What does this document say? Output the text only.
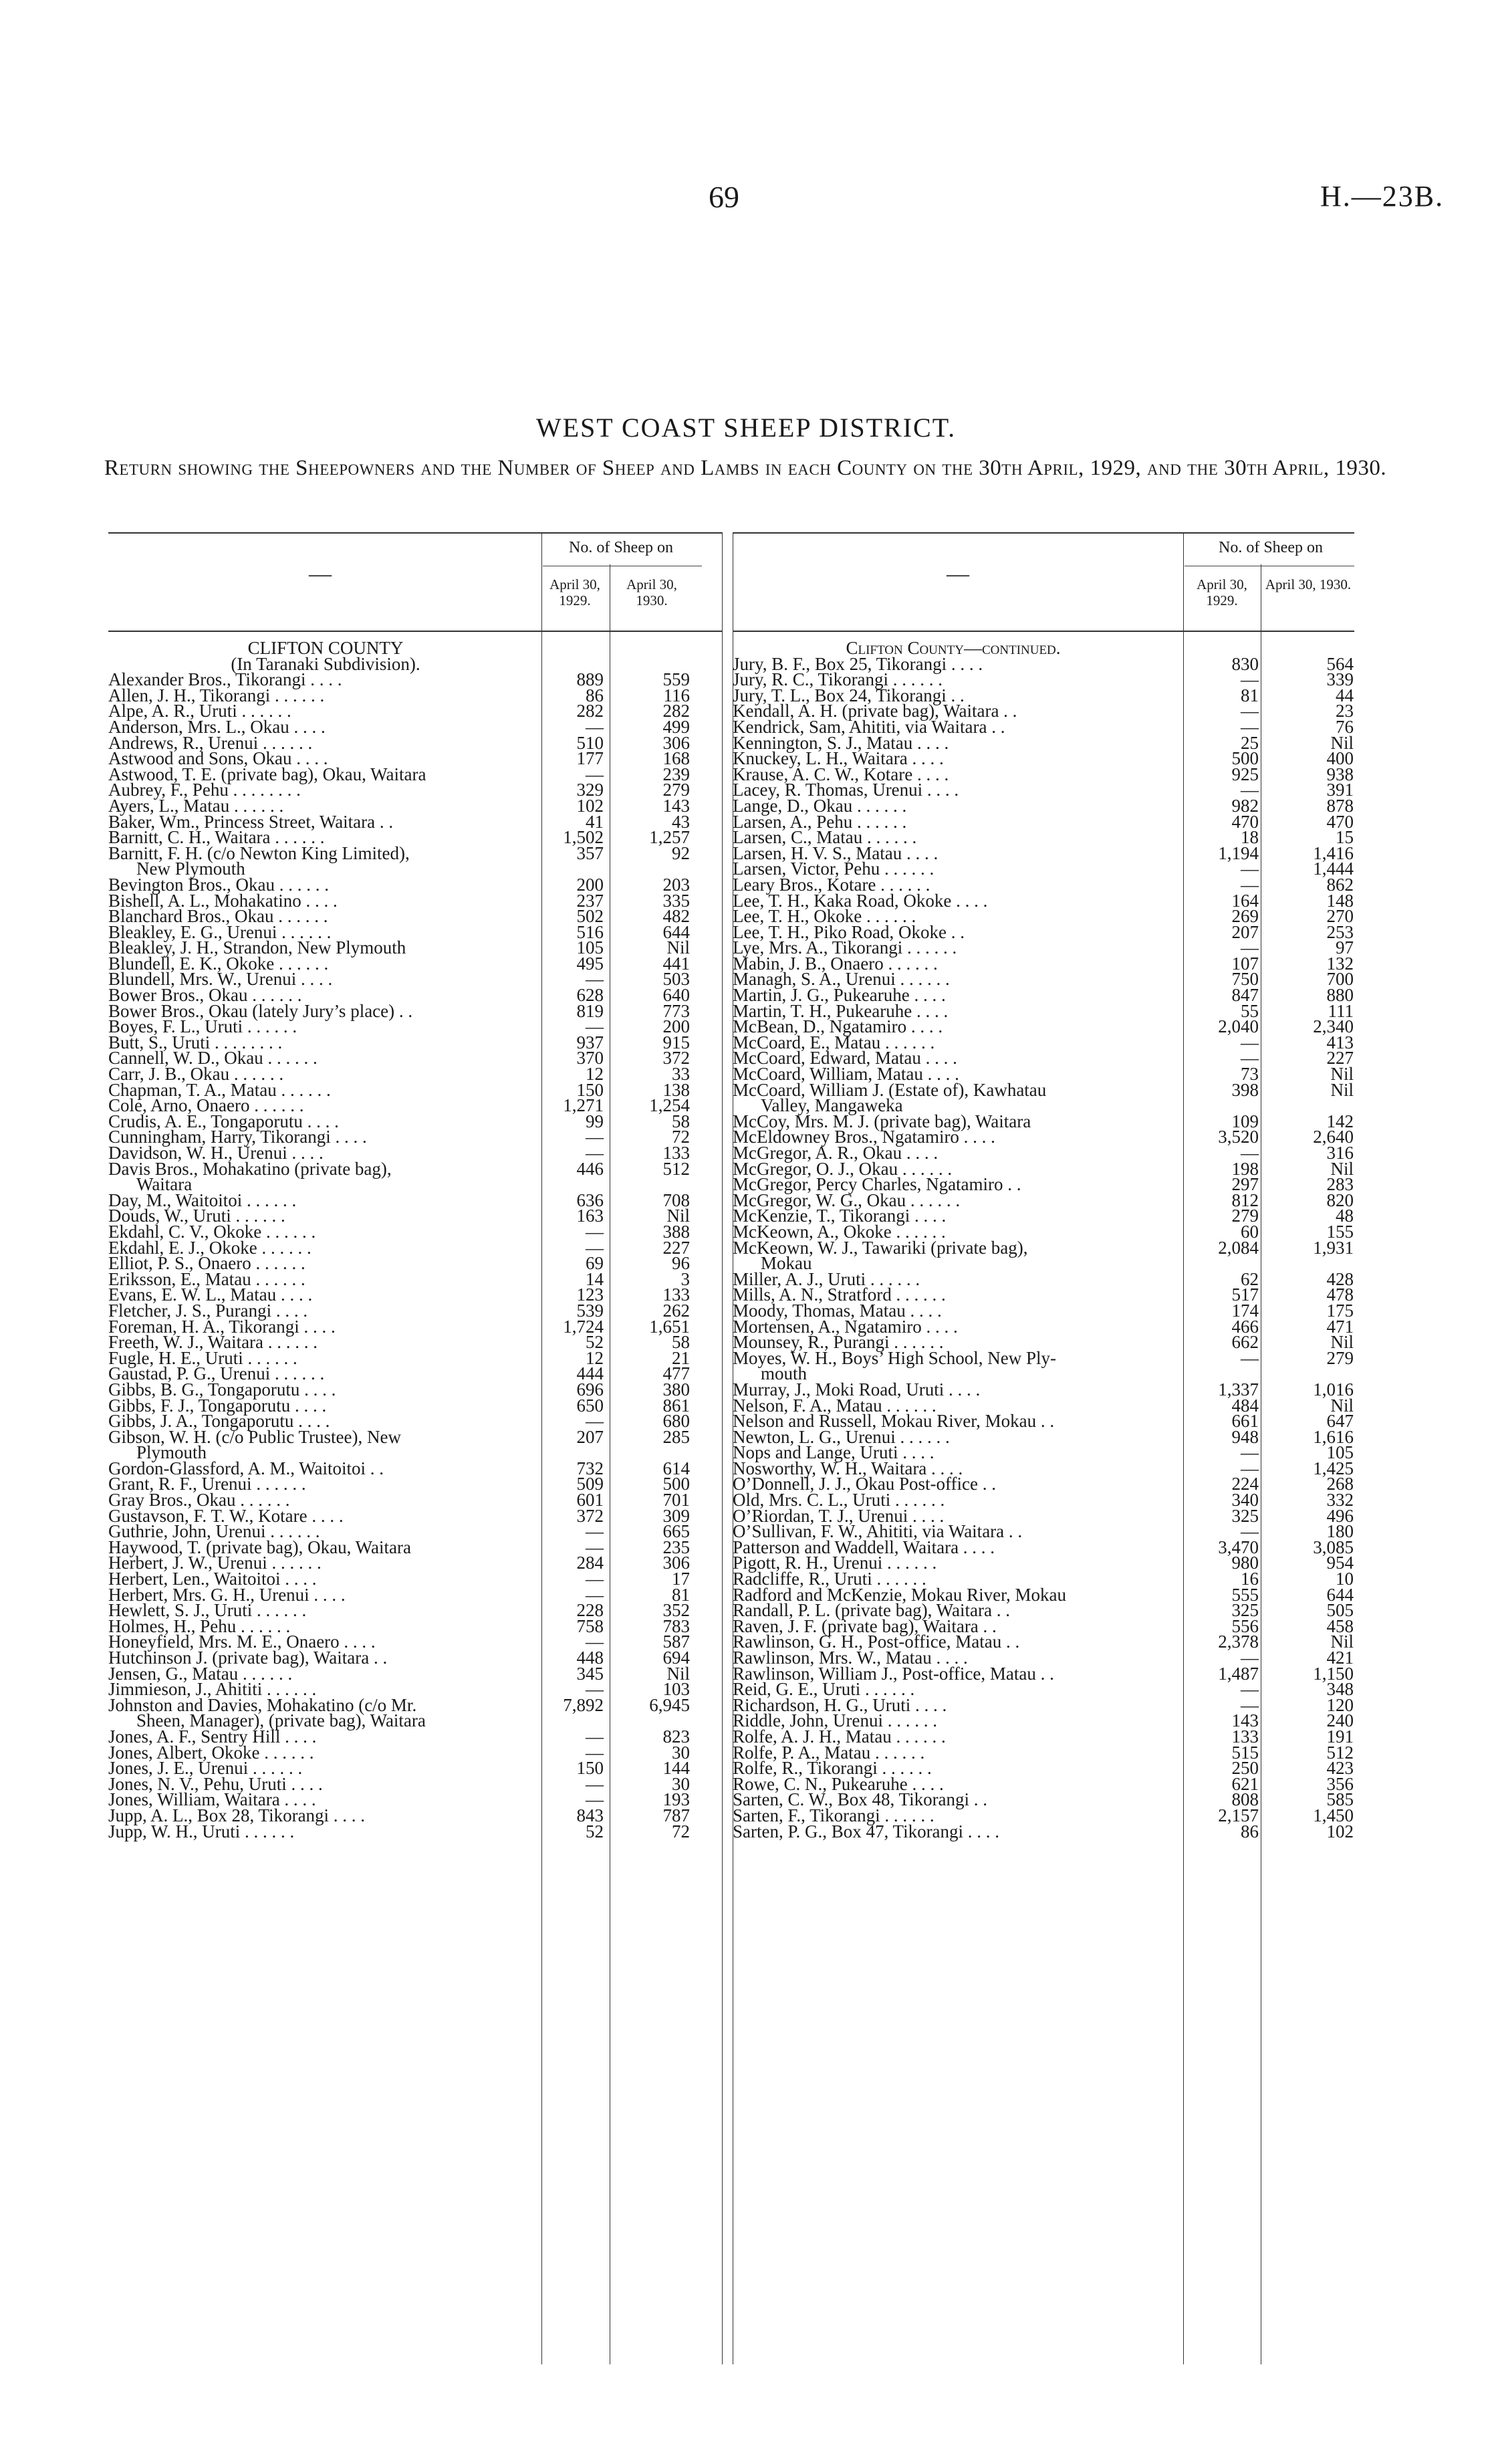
69	H.—23B.
WEST COAST SHEEP DISTRICT.
Return showing the Sheepowners and the Number of Sheep and Lambs in each County on the 30th April, 1929, and the 30th April, 1930.
—
No. of Sheep on
April 30, 1929.
April 30, 1930.
CLIFTON COUNTY
(In Taranaki Subdivision).
Alexander Bros., Tikorangi . . . .	889	559
Allen, J. H., Tikorangi . . . . . .	86	116
Alpe, A. R., Uruti . . . . . .	282	282
Anderson, Mrs. L., Okau . . . .	—	499
Andrews, R., Urenui . . . . . .	510	306
Astwood and Sons, Okau . . . .	177	168
Astwood, T. E. (private bag), Okau, Waitara	—	239
Aubrey, F., Pehu . . . . . . . .	329	279
Ayers, L., Matau . . . . . .	102	143
Baker, Wm., Princess Street, Waitara . .	41	43
Barnitt, C. H., Waitara . . . . . .	1,502	1,257
Barnitt, F. H. (c/o Newton King Limited),	357	92
New Plymouth
Bevington Bros., Okau . . . . . .	200	203
Bishell, A. L., Mohakatino . . . .	237	335
Blanchard Bros., Okau . . . . . .	502	482
Bleakley, E. G., Urenui . . . . . .	516	644
Bleakley, J. H., Strandon, New Plymouth	105	Nil
Blundell, E. K., Okoke . . . . . .	495	441
Blundell, Mrs. W., Urenui . . . .	—	503
Bower Bros., Okau . . . . . .	628	640
Bower Bros., Okau (lately Jury’s place) . .	819	773
Boyes, F. L., Uruti . . . . . .	—	200
Butt, S., Uruti . . . . . . . .	937	915
Cannell, W. D., Okau . . . . . .	370	372
Carr, J. B., Okau . . . . . .	12	33
Chapman, T. A., Matau . . . . . .	150	138
Cole, Arno, Onaero . . . . . .	1,271	1,254
Crudis, A. E., Tongaporutu . . . .	99	58
Cunningham, Harry, Tikorangi . . . .	—	72
Davidson, W. H., Urenui . . . .	—	133
Davis Bros., Mohakatino (private bag),	446	512
Waitara
Day, M., Waitoitoi . . . . . .	636	708
Douds, W., Uruti . . . . . .	163	Nil
Ekdahl, C. V., Okoke . . . . . .	—	388
Ekdahl, E. J., Okoke . . . . . .	—	227
Elliot, P. S., Onaero . . . . . .	69	96
Eriksson, E., Matau . . . . . .	14	3
Evans, E. W. L., Matau . . . .	123	133
Fletcher, J. S., Purangi . . . .	539	262
Foreman, H. A., Tikorangi . . . .	1,724	1,651
Freeth, W. J., Waitara . . . . . .	52	58
Fugle, H. E., Uruti . . . . . .	12	21
Gaustad, P. G., Urenui . . . . . .	444	477
Gibbs, B. G., Tongaporutu . . . .	696	380
Gibbs, F. J., Tongaporutu . . . .	650	861
Gibbs, J. A., Tongaporutu . . . .	—	680
Gibson, W. H. (c/o Public Trustee), New	207	285
Plymouth
Gordon-Glassford, A. M., Waitoitoi . .	732	614
Grant, R. F., Urenui . . . . . .	509	500
Gray Bros., Okau . . . . . .	601	701
Gustavson, F. T. W., Kotare . . . .	372	309
Guthrie, John, Urenui . . . . . .	—	665
Haywood, T. (private bag), Okau, Waitara	—	235
Herbert, J. W., Urenui . . . . . .	284	306
Herbert, Len., Waitoitoi . . . .	—	17
Herbert, Mrs. G. H., Urenui . . . .	—	81
Hewlett, S. J., Uruti . . . . . .	228	352
Holmes, H., Pehu . . . . . .	758	783
Honeyfield, Mrs. M. E., Onaero . . . .	—	587
Hutchinson J. (private bag), Waitara . .	448	694
Jensen, G., Matau . . . . . .	345	Nil
Jimmieson, J., Ahititi . . . . . .	—	103
Johnston and Davies, Mohakatino (c/o Mr.	7,892	6,945
Sheen, Manager), (private bag), Waitara
Jones, A. F., Sentry Hill . . . .	—	823
Jones, Albert, Okoke . . . . . .	—	30
Jones, J. E., Urenui . . . . . .	150	144
Jones, N. V., Pehu, Uruti . . . .	—	30
Jones, William, Waitara . . . .	—	193
Jupp, A. L., Box 28, Tikorangi . . . .	843	787
Jupp, W. H., Uruti . . . . . .	52	72
—
No. of Sheep on
April 30, 1929.
April 30, 1930.
Clifton County—continued.
Jury, B. F., Box 25, Tikorangi . . . .	830	564
Jury, R. C., Tikorangi . . . . . .	—	339
Jury, T. L., Box 24, Tikorangi . .	81	44
Kendall, A. H. (private bag), Waitara . .	—	23
Kendrick, Sam, Ahititi, via Waitara . .	—	76
Kennington, S. J., Matau . . . .	25	Nil
Knuckey, L. H., Waitara . . . .	500	400
Krause, A. C. W., Kotare . . . .	925	938
Lacey, R. Thomas, Urenui . . . .	—	391
Lange, D., Okau . . . . . .	982	878
Larsen, A., Pehu . . . . . .	470	470
Larsen, C., Matau . . . . . .	18	15
Larsen, H. V. S., Matau . . . .	1,194	1,416
Larsen, Victor, Pehu . . . . . .	—	1,444
Leary Bros., Kotare . . . . . .	—	862
Lee, T. H., Kaka Road, Okoke . . . .	164	148
Lee, T. H., Okoke . . . . . .	269	270
Lee, T. H., Piko Road, Okoke . .	207	253
Lye, Mrs. A., Tikorangi . . . . . .	—	97
Mabin, J. B., Onaero . . . . . .	107	132
Managh, S. A., Urenui . . . . . .	750	700
Martin, J. G., Pukearuhe . . . .	847	880
Martin, T. H., Pukearuhe . . . .	55	111
McBean, D., Ngatamiro . . . .	2,040	2,340
McCoard, E., Matau . . . . . .	—	413
McCoard, Edward, Matau . . . .	—	227
McCoard, William, Matau . . . .	73	Nil
McCoard, William J. (Estate of), Kawhatau	398	Nil
Valley, Mangaweka
McCoy, Mrs. M. J. (private bag), Waitara	109	142
McEldowney Bros., Ngatamiro . . . .	3,520	2,640
McGregor, A. R., Okau . . . .	—	316
McGregor, O. J., Okau . . . . . .	198	Nil
McGregor, Percy Charles, Ngatamiro . .	297	283
McGregor, W. G., Okau . . . . . .	812	820
McKenzie, T., Tikorangi . . . .	279	48
McKeown, A., Okoke . . . . . .	60	155
McKeown, W. J., Tawariki (private bag),	2,084	1,931
Mokau
Miller, A. J., Uruti . . . . . .	62	428
Mills, A. N., Stratford . . . . . .	517	478
Moody, Thomas, Matau . . . .	174	175
Mortensen, A., Ngatamiro . . . .	466	471
Mounsey, R., Purangi . . . . . .	662	Nil
Moyes, W. H., Boys’ High School, New Ply-	—	279
mouth
Murray, J., Moki Road, Uruti . . . .	1,337	1,016
Nelson, F. A., Matau . . . . . .	484	Nil
Nelson and Russell, Mokau River, Mokau . .	661	647
Newton, L. G., Urenui . . . . . .	948	1,616
Nops and Lange, Uruti . . . .	—	105
Nosworthy, W. H., Waitara . . . .	—	1,425
O’Donnell, J. J., Okau Post-office . .	224	268
Old, Mrs. C. L., Uruti . . . . . .	340	332
O’Riordan, T. J., Urenui . . . .	325	496
O’Sullivan, F. W., Ahititi, via Waitara . .	—	180
Patterson and Waddell, Waitara . . . .	3,470	3,085
Pigott, R. H., Urenui . . . . . .	980	954
Radcliffe, R., Uruti . . . . . .	16	10
Radford and McKenzie, Mokau River, Mokau	555	644
Randall, P. L. (private bag), Waitara . .	325	505
Raven, J. F. (private bag), Waitara . .	556	458
Rawlinson, G. H., Post-office, Matau . .	2,378	Nil
Rawlinson, Mrs. W., Matau . . . .	—	421
Rawlinson, William J., Post-office, Matau . .	1,487	1,150
Reid, G. E., Uruti . . . . . .	—	348
Richardson, H. G., Uruti . . . .	—	120
Riddle, John, Urenui . . . . . .	143	240
Rolfe, A. J. H., Matau . . . . . .	133	191
Rolfe, P. A., Matau . . . . . .	515	512
Rolfe, R., Tikorangi . . . . . .	250	423
Rowe, C. N., Pukearuhe . . . .	621	356
Sarten, C. W., Box 48, Tikorangi . .	808	585
Sarten, F., Tikorangi . . . . . .	2,157	1,450
Sarten, P. G., Box 47, Tikorangi . . . .	86	102
